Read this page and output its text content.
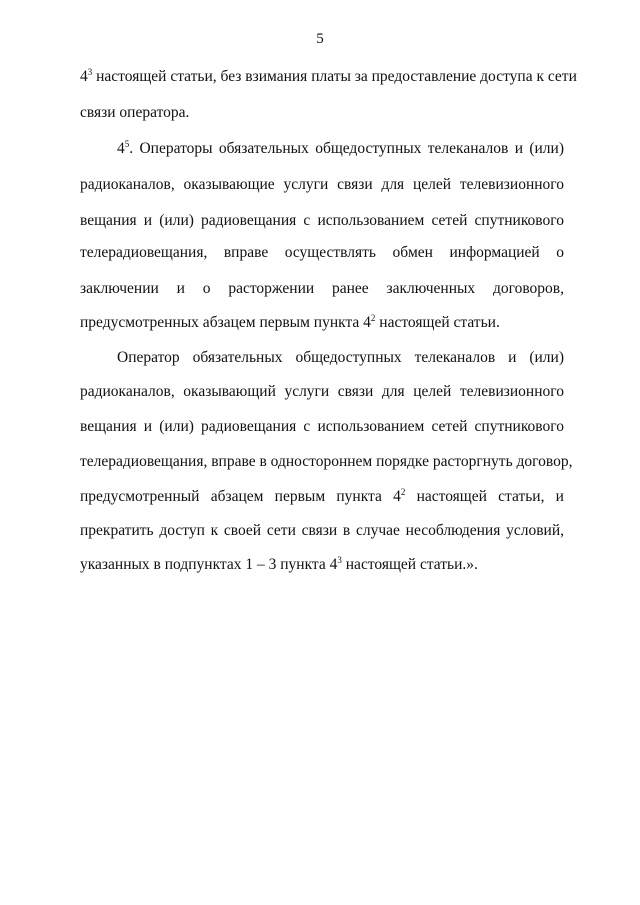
5
$4^3$ настоящей статьи, без взимания платы за предоставление доступа к сети
связи оператора.
$4^5$. Операторы обязательных общедоступных телеканалов и (или)
радиоканалов, оказывающие услуги связи для целей телевизионного
вещания и (или) радиовещания с использованием сетей спутникового
телерадиовещания, вправе осуществлять обмен информацией о
заключении и о расторжении ранее заключенных договоров,
предусмотренных абзацем первым пункта $4^2$ настоящей статьи.
Оператор обязательных общедоступных телеканалов и (или)
радиоканалов, оказывающий услуги связи для целей телевизионного
вещания и (или) радиовещания с использованием сетей спутникового
телерадиовещания, вправе в одностороннем порядке расторгнуть договор,
предусмотренный абзацем первым пункта $4^2$ настоящей статьи, и
прекратить доступ к своей сети связи в случае несоблюдения условий,
указанных в подпунктах 1 – 3 пункта $4^3$ настоящей статьи.».
